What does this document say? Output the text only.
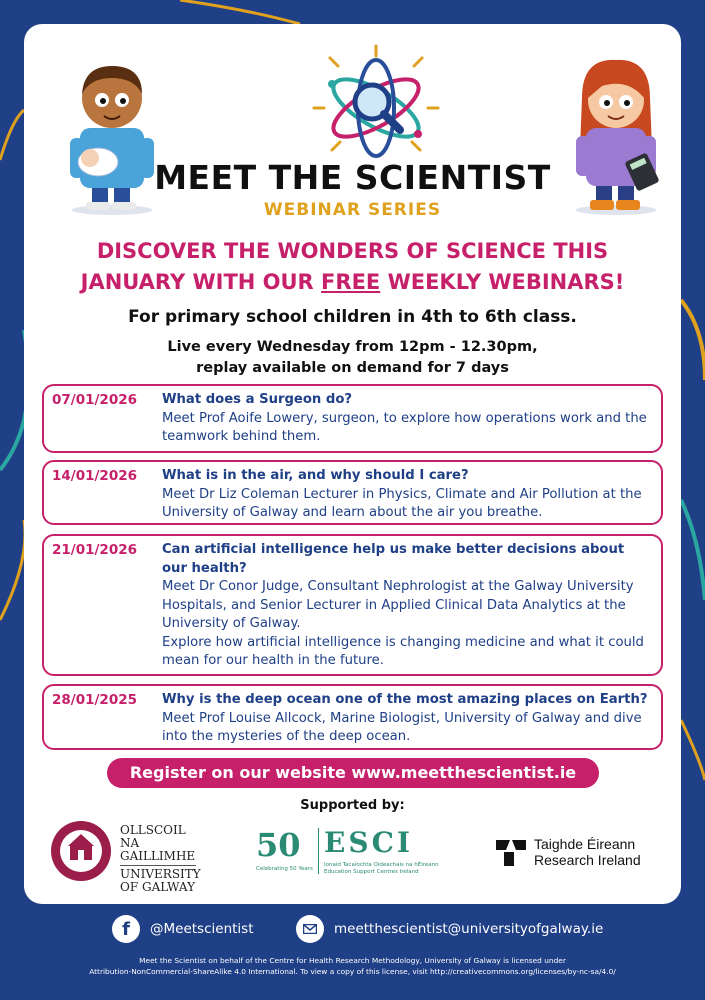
MEET THE SCIENTIST
WEBINAR SERIES
DISCOVER THE WONDERS OF SCIENCE THIS
JANUARY WITH OUR FREE WEEKLY WEBINARS!
For primary school children in 4th to 6th class.
Live every Wednesday from 12pm - 12.30pm,
replay available on demand for 7 days
07/01/2026 What does a Surgeon do?
Meet Prof Aoife Lowery, surgeon, to explore how operations work and the teamwork behind them.
14/01/2026 What is in the air, and why should I care?
Meet Dr Liz Coleman Lecturer in Physics, Climate and Air Pollution at the University of Galway and learn about the air you breathe.
21/01/2026 Can artificial intelligence help us make better decisions about our health?
Meet Dr Conor Judge, Consultant Nephrologist at the Galway University Hospitals, and Senior Lecturer in Applied Clinical Data Analytics at the University of Galway.
Explore how artificial intelligence is changing medicine and what it could mean for our health in the future.
28/01/2025 Why is the deep ocean one of the most amazing places on Earth?
Meet Prof Louise Allcock, Marine Biologist, University of Galway and dive into the mysteries of the deep ocean.
Register on our website www.meetthescientist.ie
Supported by:
OLLSCOIL NA
GAILLIMHE
UNIVERSITY
OF GALWAY
50
Celebrating 50 Years
ESCI
Ionaid Tacaíochta Oideachais na hÉireann
Education Support Centres Ireland
Taighde Éireann
Research Ireland
f	@Meetscientist	meetthescientist@universityofgalway.ie
Meet the Scientist on behalf of the Centre for Health Research Methodology, University of Galway is licensed under
Attribution-NonCommercial-ShareAlike 4.0 International. To view a copy of this license, visit http://creativecommons.org/licenses/by-nc-sa/4.0/
